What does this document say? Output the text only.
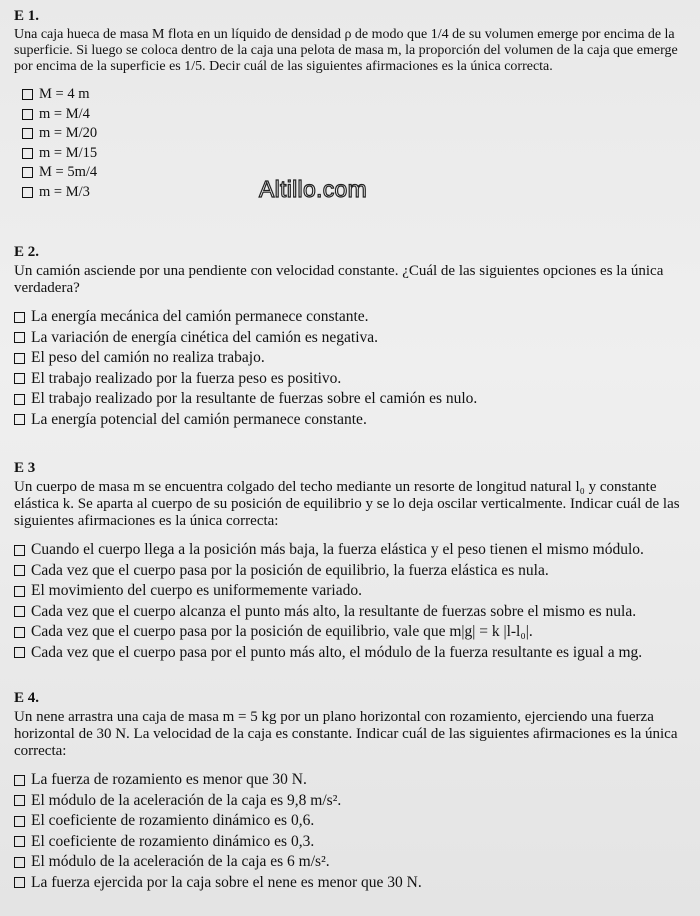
Altillo.com
E 1.
Una caja hueca de masa M flota en un líquido de densidad ρ de modo que 1/4 de su volumen emerge por encima de la superficie. Si luego se coloca dentro de la caja una pelota de masa m, la proporción del volumen de la caja que emerge por encima de la superficie es 1/5. Decir cuál de las siguientes afirmaciones es la única correcta.
M = 4 m
m = M/4
m = M/20
m = M/15
M = 5m/4
m = M/3
E 2.
Un camión asciende por una pendiente con velocidad constante. ¿Cuál de las siguientes opciones es la única verdadera?
La energía mecánica del camión permanece constante.
La variación de energía cinética del camión es negativa.
El peso del camión no realiza trabajo.
El trabajo realizado por la fuerza peso es positivo.
El trabajo realizado por la resultante de fuerzas sobre el camión es nulo.
La energía potencial del camión permanece constante.
E 3
Un cuerpo de masa m se encuentra colgado del techo mediante un resorte de longitud natural l₀ y constante elástica k. Se aparta al cuerpo de su posición de equilibrio y se lo deja oscilar verticalmente. Indicar cuál de las siguientes afirmaciones es la única correcta:
Cuando el cuerpo llega a la posición más baja, la fuerza elástica y el peso tienen el mismo módulo.
Cada vez que el cuerpo pasa por la posición de equilibrio, la fuerza elástica es nula.
El movimiento del cuerpo es uniformemente variado.
Cada vez que el cuerpo alcanza el punto más alto, la resultante de fuerzas sobre el mismo es nula.
Cada vez que el cuerpo pasa por la posición de equilibrio, vale que m|g| = k |l-l₀|.
Cada vez que el cuerpo pasa por el punto más alto, el módulo de la fuerza resultante es igual a mg.
E 4.
Un nene arrastra una caja de masa m = 5 kg por un plano horizontal con rozamiento, ejerciendo una fuerza horizontal de 30 N. La velocidad de la caja es constante. Indicar cuál de las siguientes afirmaciones es la única correcta:
La fuerza de rozamiento es menor que 30 N.
El módulo de la aceleración de la caja es 9,8 m/s².
El coeficiente de rozamiento dinámico es 0,6.
El coeficiente de rozamiento dinámico es 0,3.
El módulo de la aceleración de la caja es 6 m/s².
La fuerza ejercida por la caja sobre el nene es menor que 30 N.
